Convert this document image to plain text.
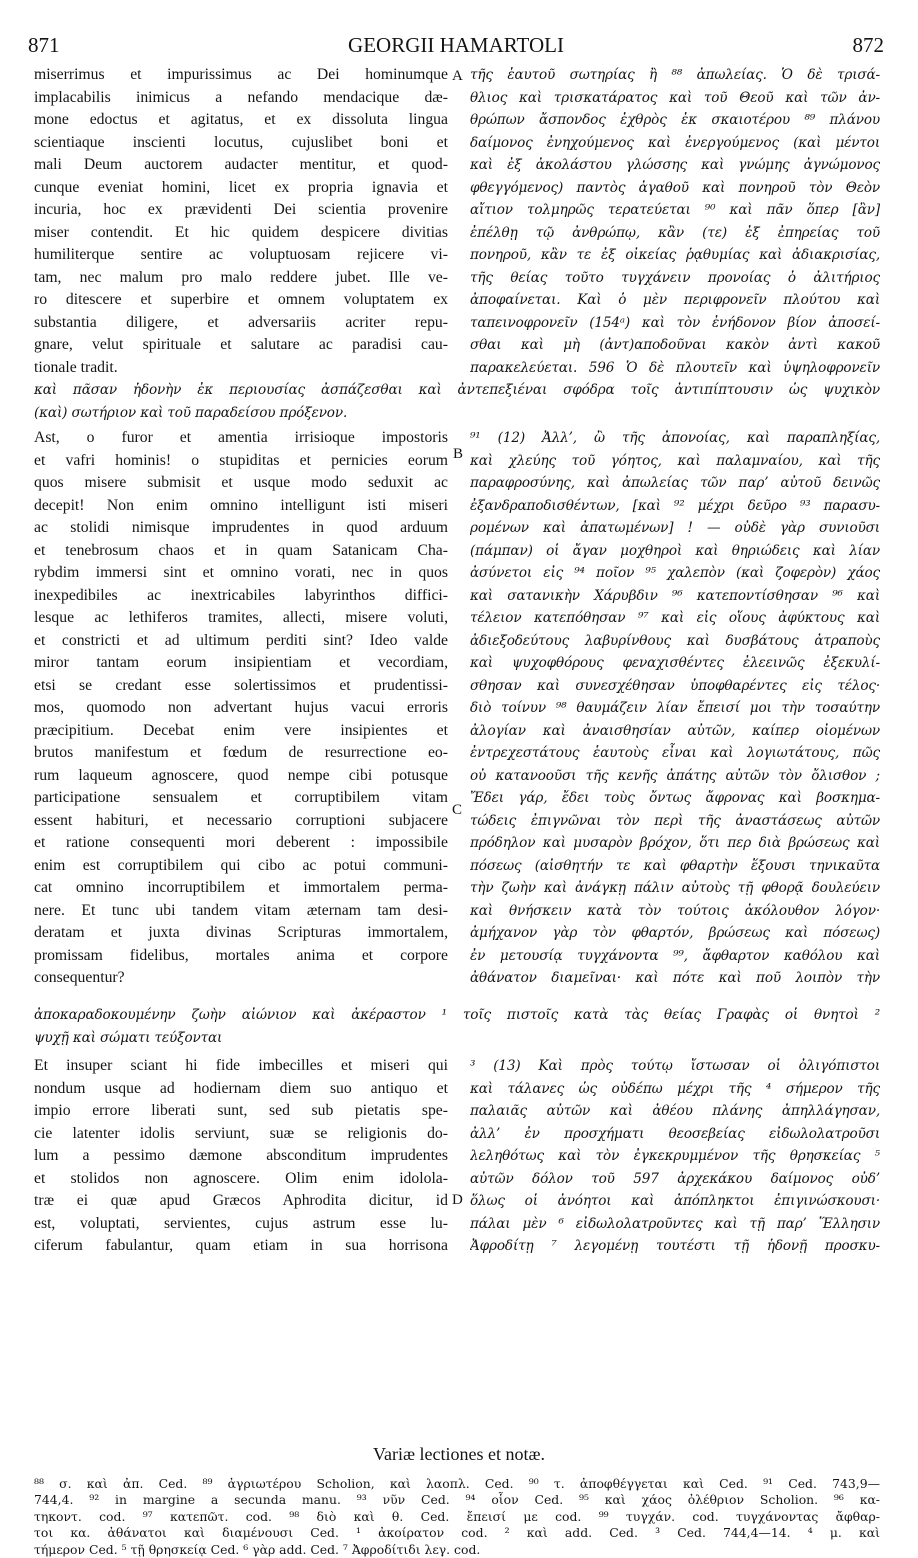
871	GEORGII HAMARTOLI	872
A
B
C
D
miserrimus et impurissimus ac Dei hominumque
implacabilis inimicus a nefando mendacique dæ-
mone edoctus et agitatus, et ex dissoluta lingua
scientiaque inscienti locutus, cujuslibet boni et
mali Deum auctorem audacter mentitur, et quod-
cunque eveniat homini, licet ex propria ignavia et
incuria, hoc ex prævidenti Dei scientia provenire
miser contendit. Et hic quidem despicere divitias
humiliterque sentire ac voluptuosam rejicere vi-
tam, nec malum pro malo reddere jubet. Ille ve-
ro ditescere et superbire et omnem voluptatem ex
substantia diligere, et adversariis acriter repu-
gnare, velut spirituale et salutare ac paradisi cau-
tionale tradit.
τῆς ἑαυτοῦ σωτηρίας ἢ ⁸⁸ ἀπωλείας. Ὁ δὲ τρισά-
θλιος καὶ τρισκατάρατος καὶ τοῦ Θεοῦ καὶ τῶν ἀν-
θρώπων ἄσπονδος ἐχθρὸς ἐκ σκαιοτέρου ⁸⁹ πλάνου
δαίμονος ἐνηχούμενος καὶ ἐνεργούμενος (καὶ μέντοι
καὶ ἐξ ἀκολάστου γλώσσης καὶ γνώμης ἀγνώμονος
φθεγγόμενος) παντὸς ἀγαθοῦ καὶ πονηροῦ τὸν Θεὸν
αἴτιον τολμηρῶς τερατεύεται ⁹⁰ καὶ πᾶν ὅπερ [ἂν]
ἐπέλθῃ τῷ ἀνθρώπῳ, κἂν (τε) ἐξ ἐπηρείας τοῦ
πονηροῦ, κἂν τε ἐξ οἰκείας ῥᾳθυμίας καὶ ἀδιακρισίας,
τῆς θείας τοῦτο τυγχάνειν προνοίας ὁ ἀλιτήριος
ἀποφαίνεται. Καὶ ὁ μὲν περιφρονεῖν πλούτου καὶ
ταπεινοφρονεῖν (154ᵃ) καὶ τὸν ἐνήδονον βίον ἀποσεί-
σθαι καὶ μὴ (ἀντ)αποδοῦναι κακὸν ἀντὶ κακοῦ
παρακελεύεται. 596 Ὁ δὲ πλουτεῖν καὶ ὑψηλοφρονεῖν
καὶ πᾶσαν ἡδονὴν ἐκ περιουσίας ἀσπάζεσθαι καὶ ἀντεπεξιέναι σφόδρα τοῖς ἀντιπίπτουσιν ὡς ψυχικὸν
(καὶ) σωτήριον καὶ τοῦ παραδείσου πρόξενον.
Ast, o furor et amentia irrisioque impostoris
et vafri hominis! o stupiditas et pernicies eorum
quos misere submisit et usque modo seduxit ac
decepit! Non enim omnino intelligunt isti miseri
ac stolidi nimisque imprudentes in quod arduum
et tenebrosum chaos et in quam Satanicam Cha-
rybdim immersi sint et omnino vorati, nec in quos
inexpedibiles ac inextricabiles labyrinthos diffici-
lesque ac lethiferos tramites, allecti, misere voluti,
et constricti et ad ultimum perditi sint? Ideo valde
miror tantam eorum insipientiam et vecordiam,
etsi se credant esse solertissimos et prudentissi-
mos, quomodo non advertant hujus vacui erroris
præcipitium. Decebat enim vere insipientes et
brutos manifestum et fœdum de resurrectione eo-
rum laqueum agnoscere, quod nempe cibi potusque
participatione sensualem et corruptibilem vitam
essent habituri, et necessario corruptioni subjacere
et ratione consequenti mori deberent : impossibile
enim est corruptibilem qui cibo ac potui communi-
cat omnino incorruptibilem et immortalem perma-
nere. Et tunc ubi tandem vitam æternam tam desi-
deratam et juxta divinas Scripturas immortalem,
promissam fidelibus, mortales anima et corpore
consequentur?
⁹¹ (12) Ἀλλ’, ὢ τῆς ἀπονοίας, καὶ παραπληξίας,
καὶ χλεύης τοῦ γόητος, καὶ παλαμναίου, καὶ τῆς
παραφροσύνης, καὶ ἀπωλείας τῶν παρ’ αὐτοῦ δεινῶς
ἐξανδραποδισθέντων, [καὶ ⁹² μέχρι δεῦρο ⁹³ παρασυ-
ρομένων καὶ ἀπατωμένων] ! — οὐδὲ γὰρ συνιοῦσι
(πάμπαν) οἱ ἄγαν μοχθηροὶ καὶ θηριώδεις καὶ λίαν
ἀσύνετοι εἰς ⁹⁴ ποῖον ⁹⁵ χαλεπὸν (καὶ ζοφερὸν) χάος
καὶ σατανικὴν Χάρυβδιν ⁹⁶ κατεποντίσθησαν ⁹⁶ καὶ
τέλειον κατεπόθησαν ⁹⁷ καὶ εἰς οἵους ἀφύκτους καὶ
ἀδιεξοδεύτους λαβυρίνθους καὶ δυσβάτους ἀτραποὺς
καὶ ψυχοφθόρους φεναχισθέντες ἐλεεινῶς ἐξεκυλί-
σθησαν καὶ συνεσχέθησαν ὑποφθαρέντες εἰς τέλος·
διὸ τοίνυν ⁹⁸ θαυμάζειν λίαν ἔπεισί μοι τὴν τοσαύτην
ἀλογίαν καὶ ἀναισθησίαν αὐτῶν, καίπερ οἰομένων
ἐντρεχεστάτους ἑαυτοὺς εἶναι καὶ λογιωτάτους, πῶς
οὐ κατανοοῦσι τῆς κενῆς ἀπάτης αὐτῶν τὸν ὄλισθον ;
Ἔδει γάρ, ἔδει τοὺς ὄντως ἄφρονας καὶ βοσκημα-
τώδεις ἐπιγνῶναι τὸν περὶ τῆς ἀναστάσεως αὐτῶν
πρόδηλον καὶ μυσαρὸν βρόχον, ὅτι περ διὰ βρώσεως καὶ
πόσεως (αἰσθητήν τε καὶ φθαρτὴν ἕξουσι τηνικαῦτα
τὴν ζωὴν καὶ ἀνάγκῃ πάλιν αὐτοὺς τῇ φθορᾷ δουλεύειν
καὶ θνήσκειν κατὰ τὸν τούτοις ἀκόλουθον λόγον·
ἀμήχανον γὰρ τὸν φθαρτόν, βρώσεως καὶ πόσεως)
ἐν μετουσίᾳ τυγχάνοντα ⁹⁹, ἄφθαρτον καθόλου καὶ
ἀθάνατον διαμεῖναι· καὶ πότε καὶ ποῦ λοιπὸν τὴν
ἀποκαραδοκουμένην ζωὴν αἰώνιον καὶ ἀκέραστον ¹ τοῖς πιστοῖς κατὰ τὰς θείας Γραφὰς οἱ θνητοὶ ²
ψυχῇ καὶ σώματι τεύξονται
Et insuper sciant hi fide imbecilles et miseri qui
nondum usque ad hodiernam diem suo antiquo et
impio errore liberati sunt, sed sub pietatis spe-
cie latenter idolis serviunt, suæ se religionis do-
lum a pessimo dæmone absconditum imprudentes
et stolidos non agnoscere. Olim enim idolola-
træ ei quæ apud Græcos Aphrodita dicitur, id
est, voluptati, servientes, cujus astrum esse lu-
ciferum fabulantur, quam etiam in sua horrisona
³ (13) Καὶ πρὸς τούτῳ ἴστωσαν οἱ ὀλιγόπιστοι
καὶ τάλανες ὡς οὐδέπω μέχρι τῆς ⁴ σήμερον τῆς
παλαιᾶς αὐτῶν καὶ ἀθέου πλάνης ἀπηλλάγησαν,
ἀλλ’ ἐν προσχήματι θεοσεβείας εἰδωλολατροῦσι
λεληθότως καὶ τὸν ἐγκεκρυμμένον τῆς θρησκείας ⁵
αὐτῶν δόλον τοῦ 597 ἀρχεκάκου δαίμονος οὐδ’
ὅλως οἱ ἀνόητοι καὶ ἀπόπληκτοι ἐπιγινώσκουσι·
πάλαι μὲν ⁶ εἰδωλολατροῦντες καὶ τῇ παρ’ Ἕλλησιν
Ἀφροδίτῃ ⁷ λεγομένῃ τουτέστι τῇ ἡδονῇ προσκυ-
Variæ lectiones et notæ.
⁸⁸ σ. καὶ ἀπ. Ced. ⁸⁹ ἀγριωτέρου Scholion, καὶ λαοπλ. Ced. ⁹⁰ τ. ἀποφθέγγεται καὶ Ced. ⁹¹ Ced. 743,9—
744,4. ⁹² in margine a secunda manu. ⁹³ νῦν Ced. ⁹⁴ οἷον Ced. ⁹⁵ καὶ χάος ὀλέθριον Scholion. ⁹⁶ κα-
τηκοντ. cod. ⁹⁷ κατεπῶτ. cod. ⁹⁸ διὸ καὶ θ. Ced. ἔπεισί με cod. ⁹⁹ τυγχάν. cod. τυγχάνοντας ἄφθαρ-
τοι κα. ἀθάνατοι καὶ διαμένουσι Ced. ¹ ἀκοίρατον cod. ² καὶ add. Ced. ³ Ced. 744,4—14. ⁴ μ. καὶ
τήμερον Ced. ⁵ τῇ θρησκείᾳ Ced. ⁶ γὰρ add. Ced. ⁷ Ἀφροδίτιδι λεγ. cod.
